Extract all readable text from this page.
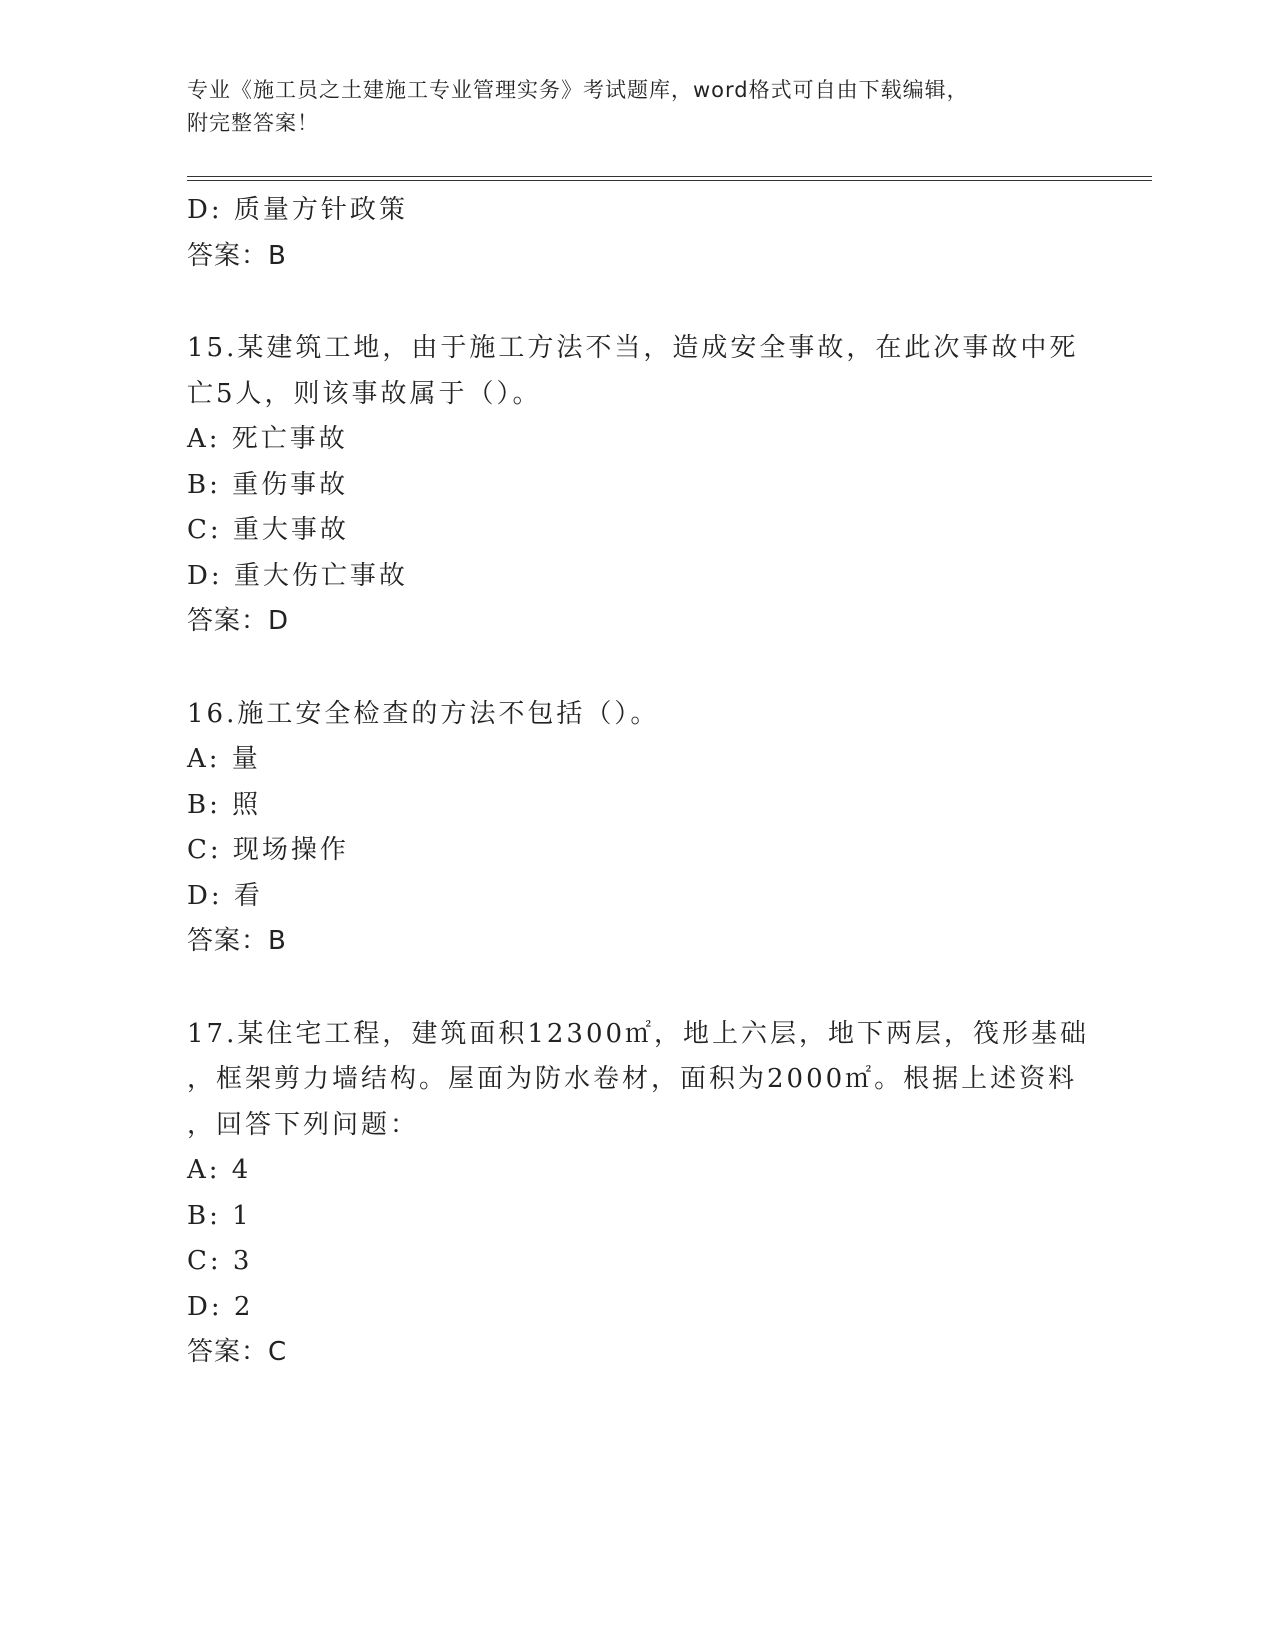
专业《施工员之土建施工专业管理实务》考试题库，word格式可自由下载编辑，
附完整答案！
D: 质量方针政策
答案：B
15.某建筑工地，由于施工方法不当，造成安全事故，在此次事故中死
亡5人，则该事故属于（）。
A: 死亡事故
B: 重伤事故
C: 重大事故
D: 重大伤亡事故
答案：D
16.施工安全检查的方法不包括（）。
A: 量
B: 照
C: 现场操作
D: 看
答案：B
17.某住宅工程，建筑面积12300㎡，地上六层，地下两层，筏形基础
，框架剪力墙结构。屋面为防水卷材，面积为2000㎡。根据上述资料
，回答下列问题：
A: 4
B: 1
C: 3
D: 2
答案：C
